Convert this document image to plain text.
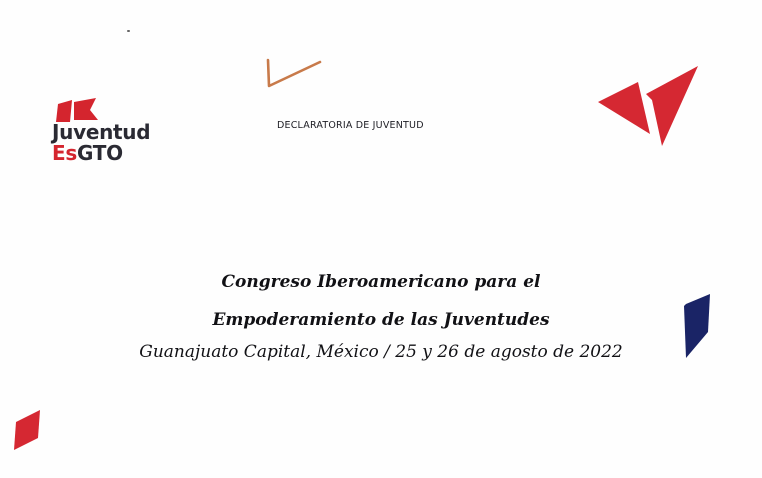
Juventud
EsGTO
DECLARATORIA DE JUVENTUD
Congreso Iberoamericano para el
Empoderamiento de las Juventudes
Guanajuato Capital, México / 25 y 26 de agosto de 2022
